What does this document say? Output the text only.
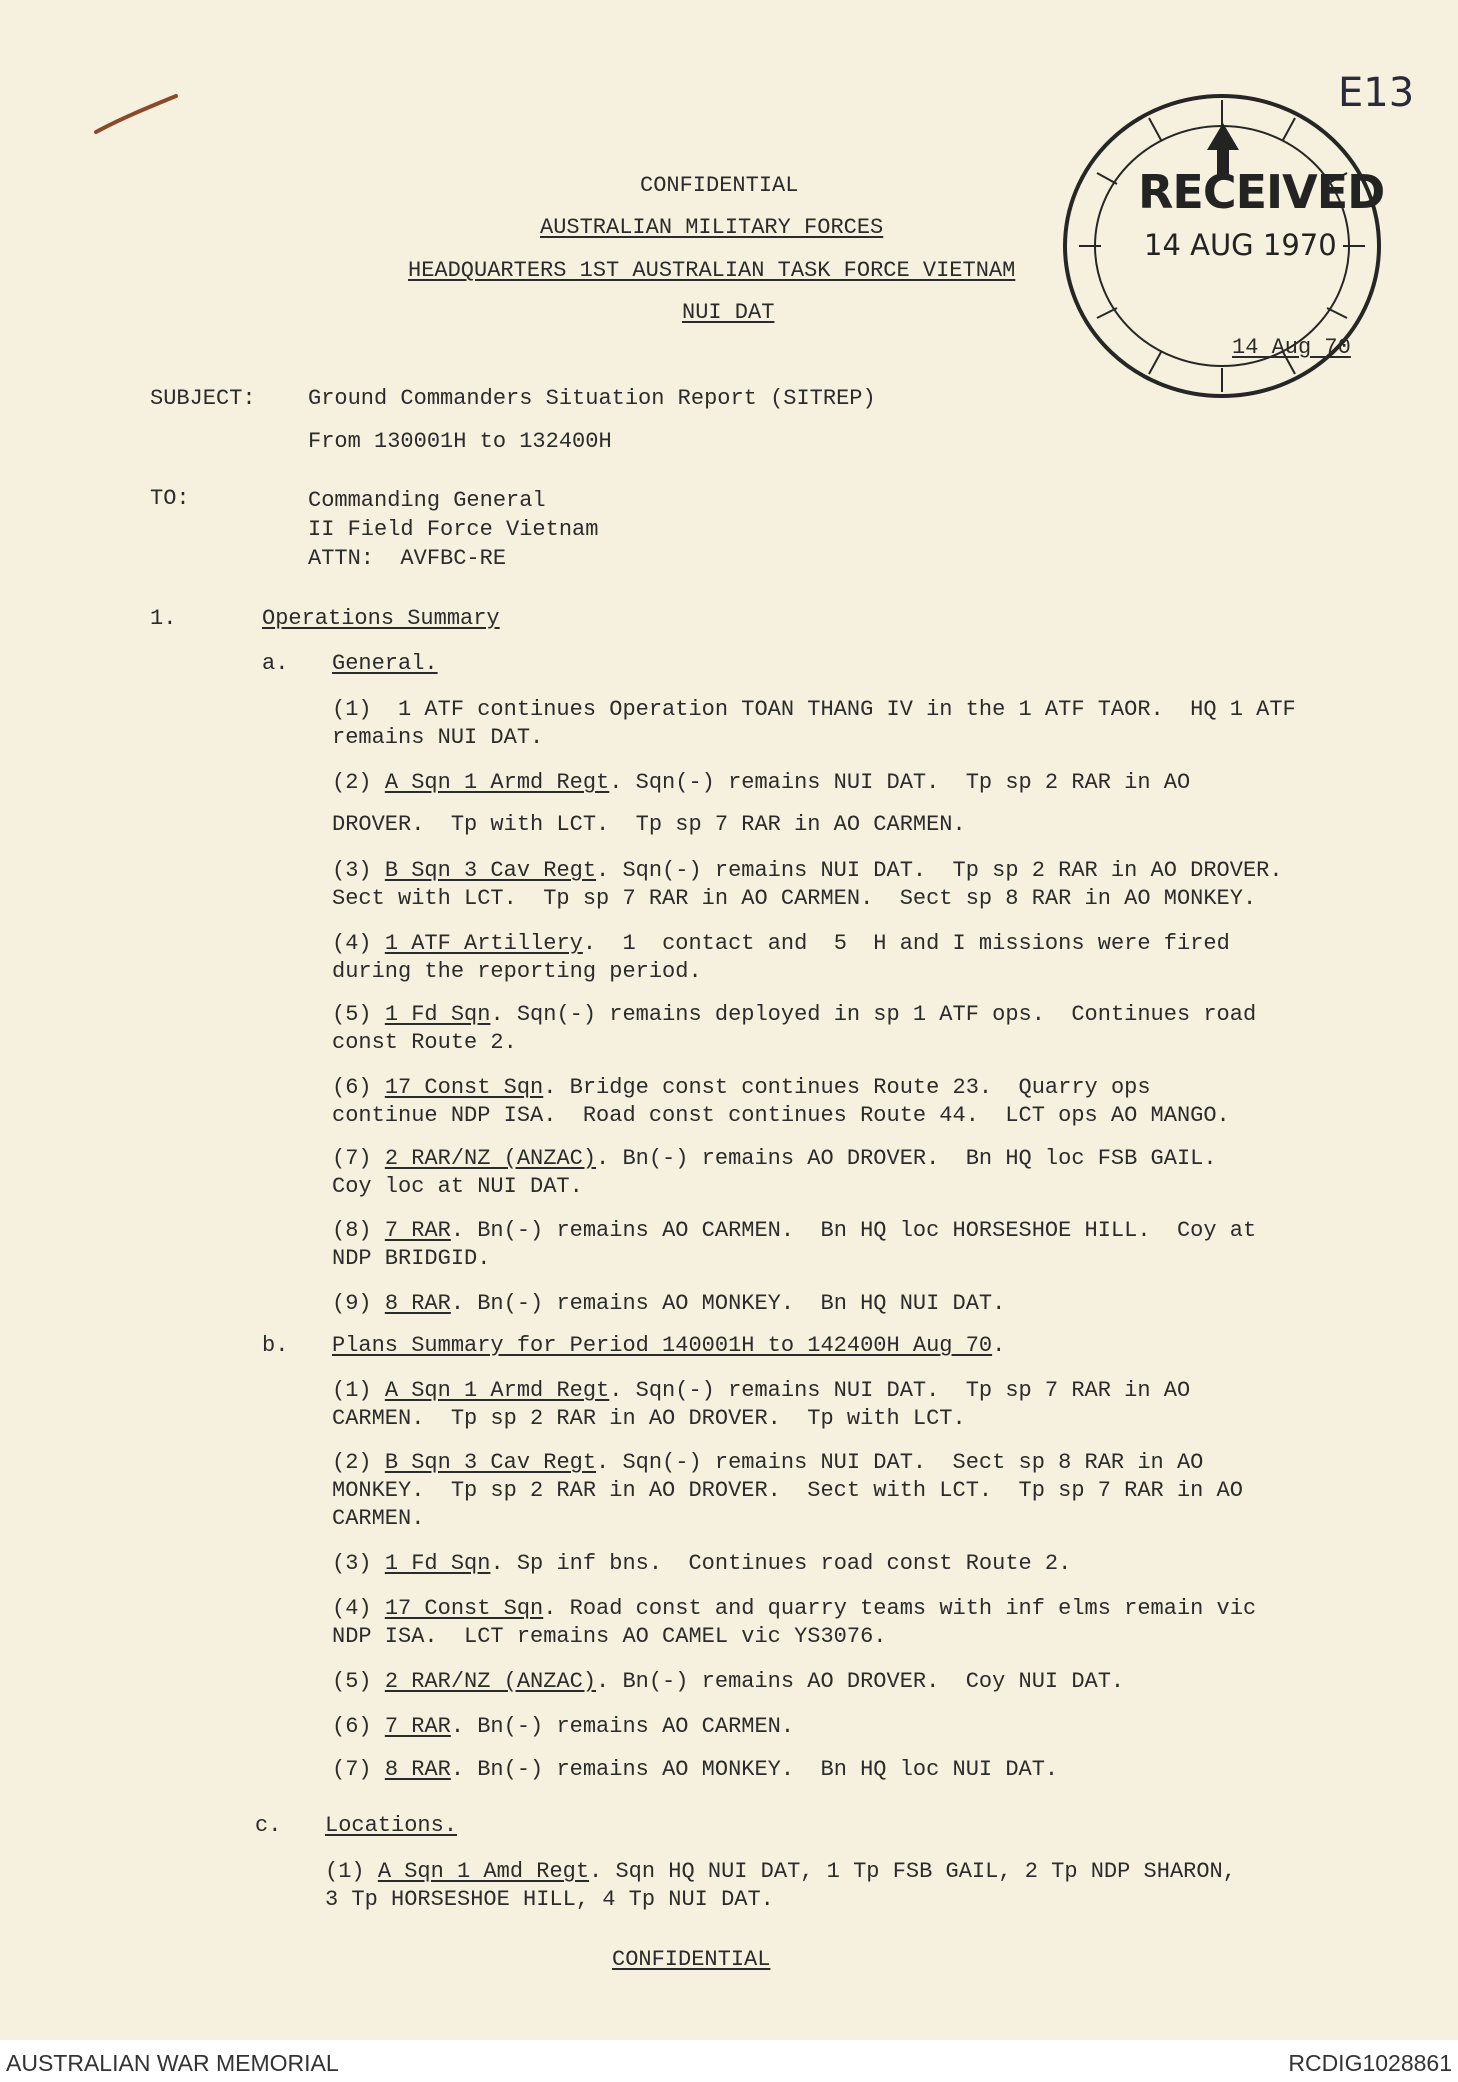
RECEIVED
14 AUG 1970
E13
CONFIDENTIAL
AUSTRALIAN MILITARY FORCES
HEADQUARTERS 1ST AUSTRALIAN TASK FORCE VIETNAM
NUI DAT
14 Aug 70
SUBJECT: Ground Commanders Situation Report (SITREP)
From 130001H to 132400H
TO:	Commanding General
II Field Force Vietnam
ATTN:  AVFBC-RE
1.	Operations Summary
a. General.
(1)  1 ATF continues Operation TOAN THANG IV in the 1 ATF TAOR.  HQ 1 ATF
remains NUI DAT.
(2) A Sqn 1 Armd Regt. Sqn(-) remains NUI DAT.  Tp sp 2 RAR in AO
DROVER.  Tp with LCT.  Tp sp 7 RAR in AO CARMEN.
(3) B Sqn 3 Cav Regt. Sqn(-) remains NUI DAT.  Tp sp 2 RAR in AO DROVER.
Sect with LCT.  Tp sp 7 RAR in AO CARMEN.  Sect sp 8 RAR in AO MONKEY.
(4) 1 ATF Artillery.  1  contact and  5  H and I missions were fired
during the reporting period.
(5) 1 Fd Sqn. Sqn(-) remains deployed in sp 1 ATF ops.  Continues road
const Route 2.
(6) 17 Const Sqn. Bridge const continues Route 23.  Quarry ops
continue NDP ISA.  Road const continues Route 44.  LCT ops AO MANGO.
(7) 2 RAR/NZ (ANZAC). Bn(-) remains AO DROVER.  Bn HQ loc FSB GAIL.
Coy loc at NUI DAT.
(8) 7 RAR. Bn(-) remains AO CARMEN.  Bn HQ loc HORSESHOE HILL.  Coy at
NDP BRIDGID.
(9) 8 RAR. Bn(-) remains AO MONKEY.  Bn HQ NUI DAT.
b. Plans Summary for Period 140001H to 142400H Aug 70.
(1) A Sqn 1 Armd Regt. Sqn(-) remains NUI DAT.  Tp sp 7 RAR in AO
CARMEN.  Tp sp 2 RAR in AO DROVER.  Tp with LCT.
(2) B Sqn 3 Cav Regt. Sqn(-) remains NUI DAT.  Sect sp 8 RAR in AO
MONKEY.  Tp sp 2 RAR in AO DROVER.  Sect with LCT.  Tp sp 7 RAR in AO
CARMEN.
(3) 1 Fd Sqn. Sp inf bns.  Continues road const Route 2.
(4) 17 Const Sqn. Road const and quarry teams with inf elms remain vic
NDP ISA.  LCT remains AO CAMEL vic YS3076.
(5) 2 RAR/NZ (ANZAC). Bn(-) remains AO DROVER.  Coy NUI DAT.
(6) 7 RAR. Bn(-) remains AO CARMEN.
(7) 8 RAR. Bn(-) remains AO MONKEY.  Bn HQ loc NUI DAT.
c. Locations.
(1) A Sqn 1 Amd Regt. Sqn HQ NUI DAT, 1 Tp FSB GAIL, 2 Tp NDP SHARON,
3 Tp HORSESHOE HILL, 4 Tp NUI DAT.
CONFIDENTIAL
AUSTRALIAN WAR MEMORIAL	RCDIG1028861
